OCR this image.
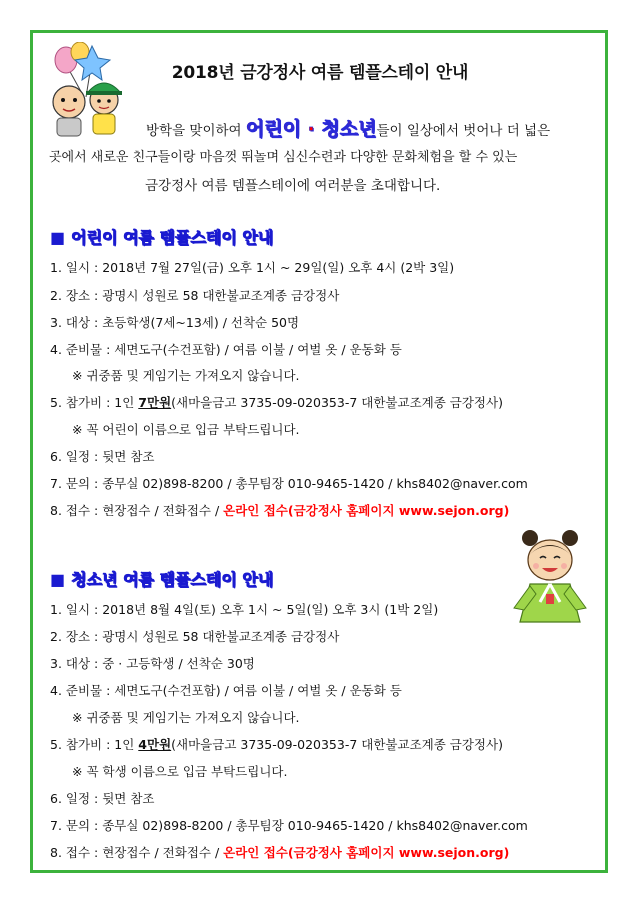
2018년 금강정사 여름 템플스테이 안내
방학을 맞이하여 어린이 · 청소년들이 일상에서 벗어나 더 넓은
곳에서 새로운 친구들이랑 마음껏 뛰놀며 심신수련과 다양한 문화체험을 할 수 있는
금강정사 여름 템플스테이에 여러분을 초대합니다.
■ 어린이 여름 템플스테이 안내
1. 일시 : 2018년 7월 27일(금) 오후 1시 ~ 29일(일) 오후 4시 (2박 3일)
2. 장소 : 광명시 성원로 58 대한불교조계종 금강정사
3. 대상 : 초등학생(7세~13세) / 선착순 50명
4. 준비물 : 세면도구(수건포함) / 여름 이불 / 여벌 옷 / 운동화 등
※ 귀중품 및 게임기는 가져오지 않습니다.
5. 참가비 : 1인 7만원(새마을금고 3735-09-020353-7 대한불교조계종 금강정사)
※ 꼭 어린이 이름으로 입금 부탁드립니다.
6. 일정 : 뒷면 참조
7. 문의 : 종무실 02)898-8200 / 총무팀장 010-9465-1420 / khs8402@naver.com
8. 접수 : 현장접수 / 전화접수 / 온라인 접수(금강정사 홈페이지 www.sejon.org)
■ 청소년 여름 템플스테이 안내
1. 일시 : 2018년 8월 4일(토) 오후 1시 ~ 5일(일) 오후 3시 (1박 2일)
2. 장소 : 광명시 성원로 58 대한불교조계종 금강정사
3. 대상 : 중 · 고등학생 / 선착순 30명
4. 준비물 : 세면도구(수건포함) / 여름 이불 / 여벌 옷 / 운동화 등
※ 귀중품 및 게임기는 가져오지 않습니다.
5. 참가비 : 1인 4만원(새마을금고 3735-09-020353-7 대한불교조계종 금강정사)
※ 꼭 학생 이름으로 입금 부탁드립니다.
6. 일정 : 뒷면 참조
7. 문의 : 종무실 02)898-8200 / 총무팀장 010-9465-1420 / khs8402@naver.com
8. 접수 : 현장접수 / 전화접수 / 온라인 접수(금강정사 홈페이지 www.sejon.org)
